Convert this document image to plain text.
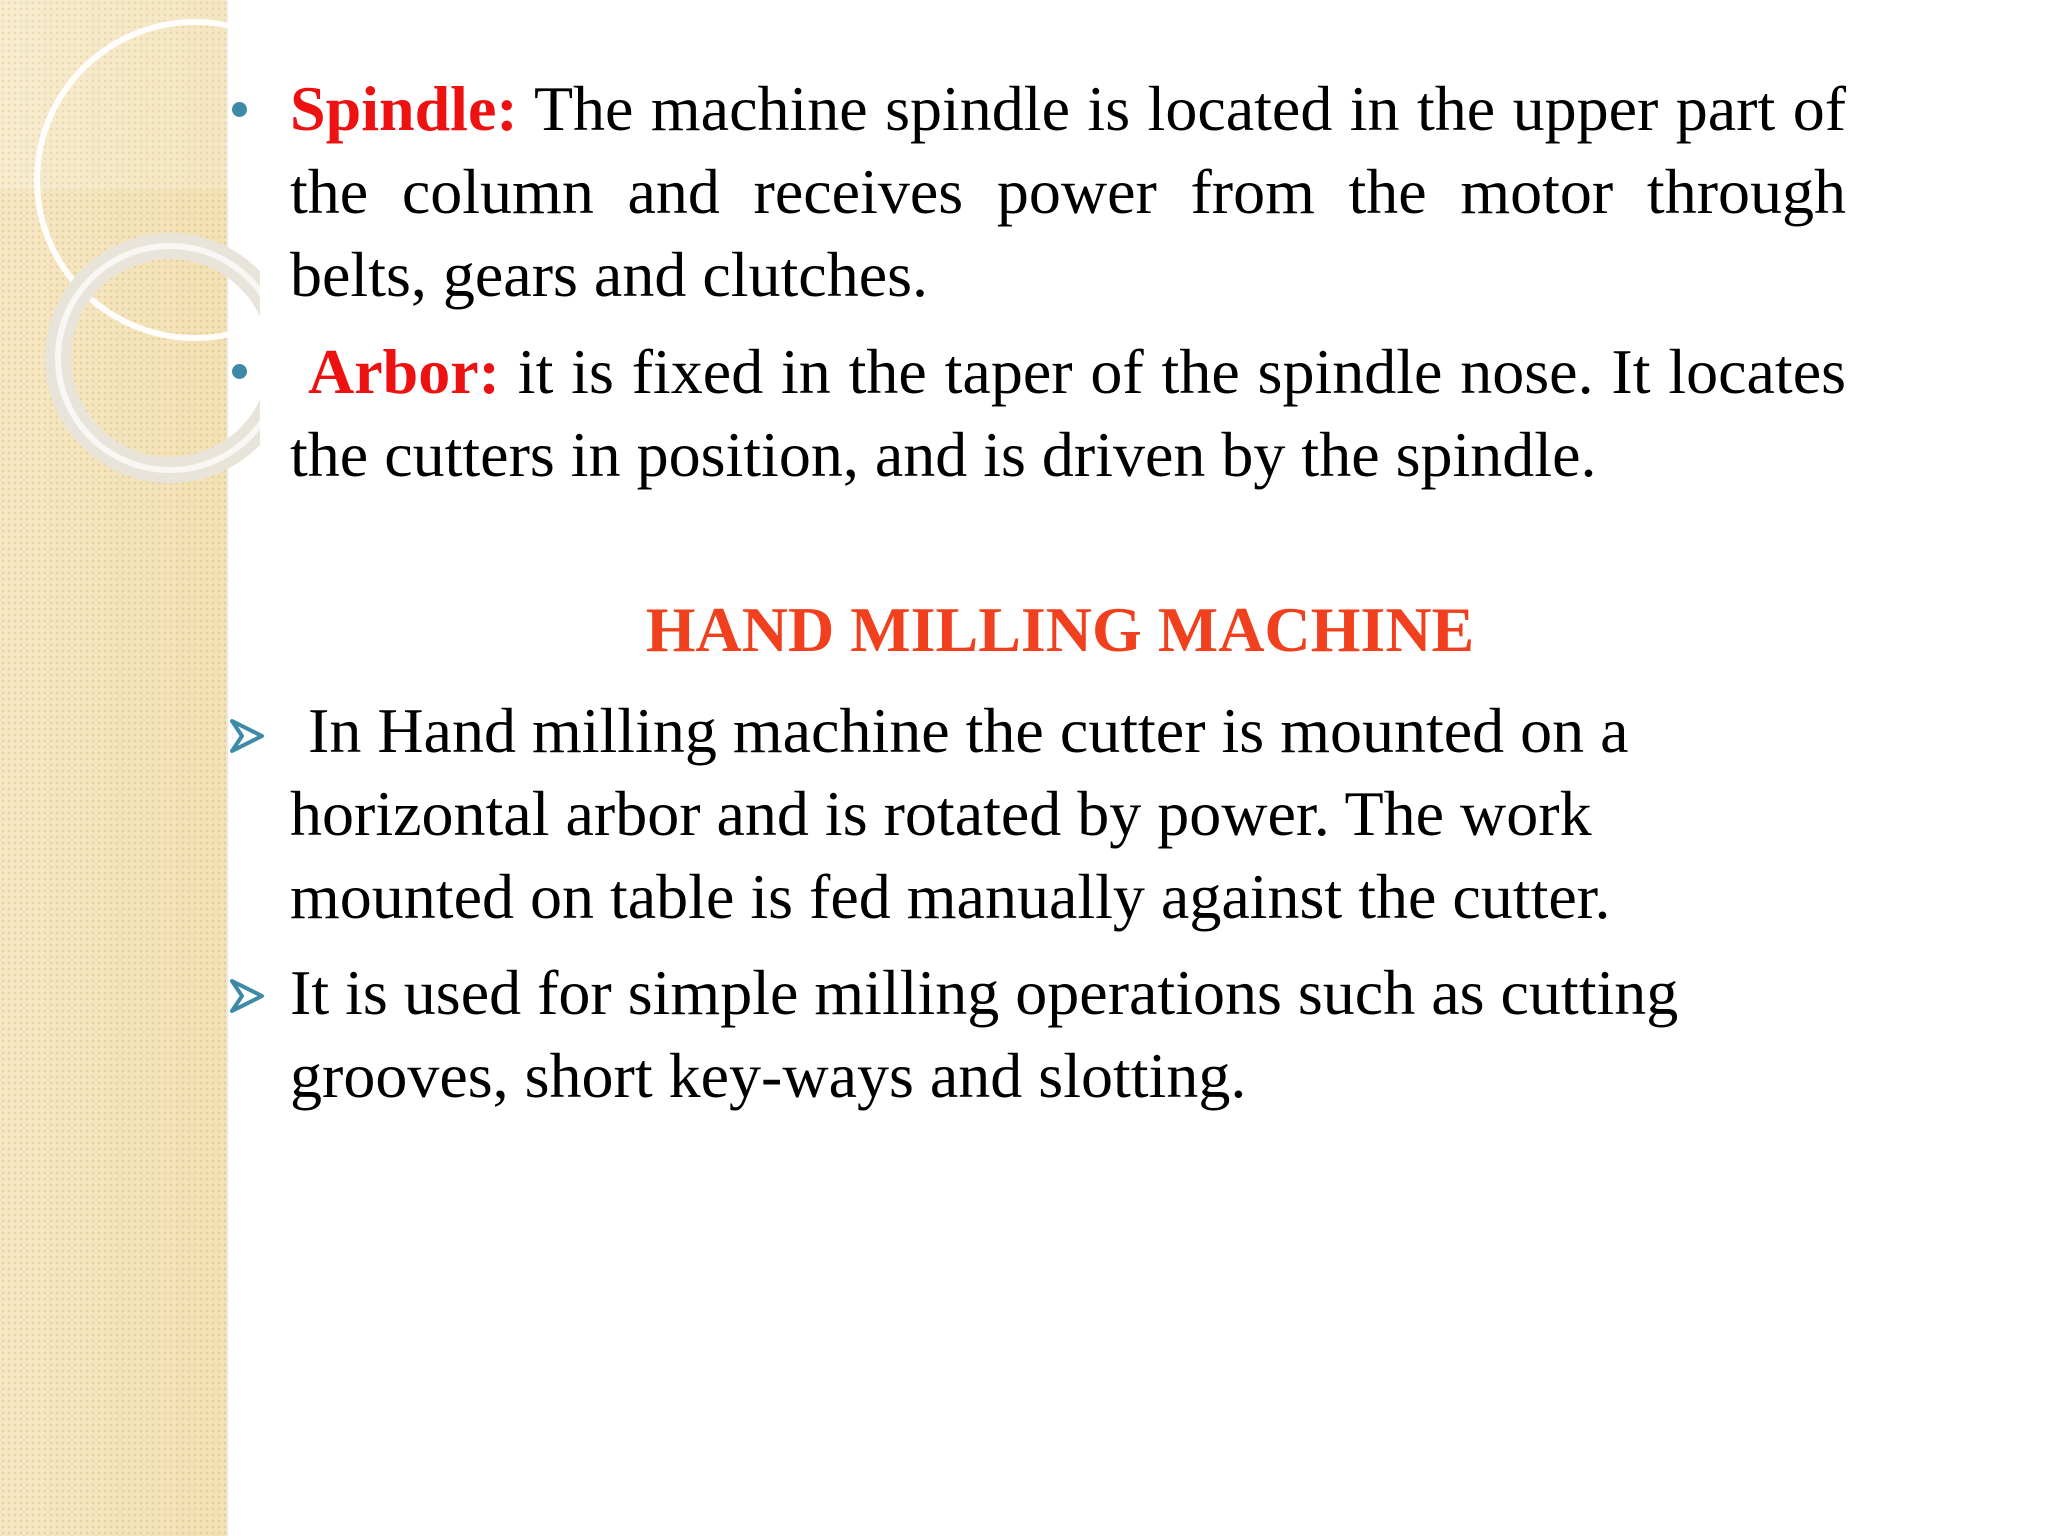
Spindle: The machine spindle is located in the upper part of the column and receives power from the motor through belts, gears and clutches.

Arbor: it is fixed in the taper of the spindle nose. It locates the cutters in position, and is driven by the spindle.

HAND MILLING MACHINE

In Hand milling machine the cutter is mounted on a horizontal arbor and is rotated by power. The work mounted on table is fed manually against the cutter.

It is used for simple milling operations such as cutting grooves, short key-ways and slotting.
